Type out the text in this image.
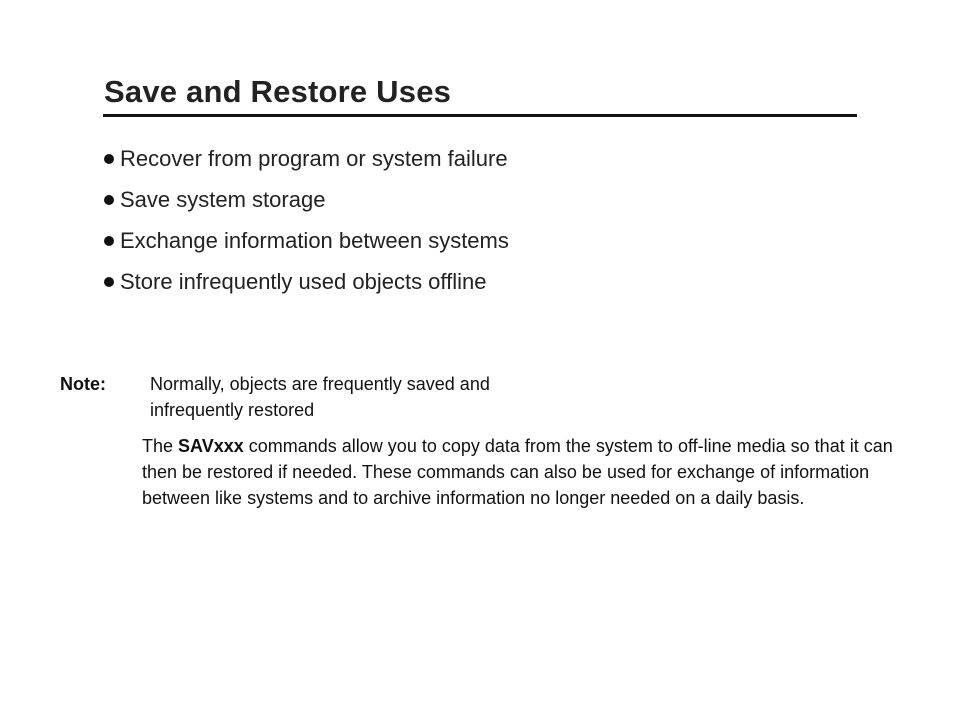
Save and Restore Uses
Recover from program or system failure
Save system storage
Exchange information between systems
Store infrequently used objects offline
Note: Normally, objects are frequently saved and infrequently restored

The SAVxxx commands allow you to copy data from the system to off-line media so that it can then be restored if needed. These commands can also be used for exchange of information between like systems and to archive information no longer needed on a daily basis.
